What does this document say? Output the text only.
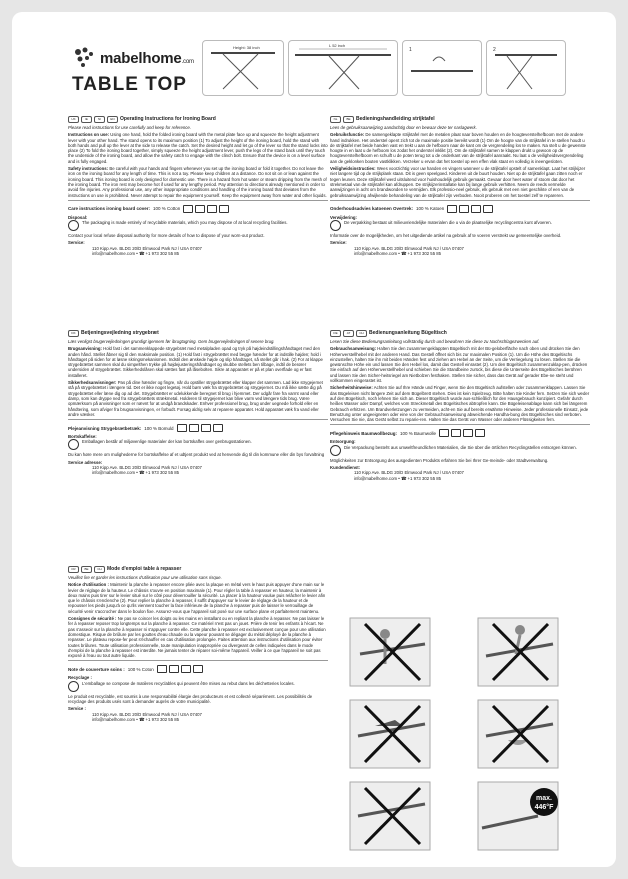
mabelhome.com
TABLE TOP
Height: 38 inch	L 52 inch
1	2
UK	IE	NI	EN	Operating Instructions for Ironing Board
Please read instructions for use carefully and keep for reference.
Instructions on use: Using one hand, hold the folded ironing board with the metal plate face up and squeeze the height adjustment lever with your other hand. The stand opens to its maximum position (1) To adjust the height of the ironing board, hold the stand with both hands and pull up the lever at the side to release the catch. Set the desired height and let go of the lever so that the stand locks into place (2) To fold the ironing board together, simply squeeze the height adjustment lever, push the legs of the stand back until they touch the underside of the ironing board, and allow the safety catch to engage with the clinch bolt. Ensure that the device is on a level surface and is fully engaged.
Safety instructions: Be careful with your hands and fingers whenever you set up the ironing board or fold it together. Do not leave the iron on the ironing board for any length of time. This is not a toy. Please keep children at a distance. Do not sit on or lean against the ironing board. This ironing board is only designed for domestic use. There is a hazard from hot water or steam dripping from the mesh of the ironing board. The iron rest may become hot if used for any lengthy period. Pay attention to directions already mentioned in order to avoid fire injuries. Any professional use, any other inappropriate conditions and handling of the ironing board that deviates from the instructions on use is prohibited. Never attempt to repair the equipment yourself. Keep the equipment away from water and other liquids.
Care instructions ironing board cover: 100 % Cotton
Disposal:
The packaging is made entirely of recyclable materials, which you may dispose of at local recycling facilities.
Contact your local refuse disposal authority for more details of how to dispose of your worn-out product.
Service:
110 Kipp Ave. BLDG 20/D Elmwood Park NJ / USA 07407
info@mabelhome.com • ☎ +1 973 302 55 85
DK	Betjeningsvejledning strygebræt
Læs venligst brugervejledningen grundigt igennem før ibrugtagning. Gem brugervejledningen til senere brug.
Brugsanvisning: Hold fast i det sammenklappede strygebræt med metalpladen opad og tryk på højdeindstillingshåndtaget med den anden hånd. Stellet åbner sig til den maksimale position. (1) Hold fast i strygebrættet med begge hænder for at indstille højden; hold i håndtaget på siden for at løsne skringsmekanismen. Indstil den ønskede højde og slip håndtaget, så stellet går i hak. (2) For at klappe strygebrættet sammen skal du simpelthen trykke på højdejusteringshåndtaget og skubbe stellets ben tilbage, indtil de berører undersiden af strygebrættet. Sikkerhedslåsen skal sættes fast på låsebolten. Sikre at apparatet er på et plan overflade og er fast installeret.
Sikkerhedsanvisninger: Pas på dine hænder og fingre, når du opstiller strygebrættet eller klapper det sammen. Lad ikke strygejernet stå på strygebrættet i længere tid. Det er ikke noget legetøj. Hold børn væk fra strygebrættet og strygejernet. Du må ikke sætte dig på strygebrættet eller læne dig op ad det. Strygebrættet er udelukkende beregnet til brug i hjemmet. Der udgår fare fra varmt vand eller damp, som kan dryppe ned fra strygebrættets strækmetal. Holderen til strygejernet kan blive varm ved længere tids brug. Være opmærksom på anvisninger som er nævnt for at undgå brandskader. Enhver professionel brug, brug under uegnede forhold eller en håndtering, som afviger fra brugsanvisningen, er forbudt. Forsøg aldrig selv at reparere apparatet. Hold apparatet væk fra vand eller andre væsker.
Plejeanvisning Strygebrætbetræk: 100 % Bomuld
Bortskaffelse:
Emballagen består af miljøvenlige materialer der kan bortskaffes over genbrugsstationen.
Du kan høre mere om mulighederne for bortskaffelse af et udtjent produkt ved at henvende dig til din kommune eller din bys forvaltning
Service adresse:
110 Kipp Ave. BLDG 20/D Elmwood Park NJ / USA 07407
info@mabelhome.com • ☎ +1 973 302 55 85
FR	BE	CH	Mode d'emploi table à repasser
Veuillez lire et garder les instructions d'utilisation pour une utilisation sans risque.
Notice d'utilisation : Maintenir la planche à repasser encore pliée avec la plaque en métal vers le haut puis appuyer d'une main sur le levier de réglage de la hauteur. Le châssis s'ouvre en position maximale (1). Pour régler la table à repasser en hauteur, la maintenir à deux mains puis tirer sur le levier situé sur le côté pour déverrouiller la sécurité. La placer à la hauteur voulue puis relâcher le levier afin que le châssis s'enclenche (2). Pour replier la planche à repasser, il suffit d'appuyer sur le levier de réglage de la hauteur et de repousser les pieds jusqu'à ce qu'ils viennent toucher la face inférieure de la planche à repasser puis de laisser le verrouillage de sécurité venir s'accrocher dans le boulon fixe. Assurez-vous que l'appareil soit posé sur une surface plane et parfaitement maintenu.
Consignes de sécurité : Ne pas se coincer les doigts ou les mains en installant ou en repliant la planche à repasser. Ne pas laisser le fer à repasser reposer trop longtemps sur la planche à repasser. Ce matériel n'est pas un jouet. Prière de tenir les enfants à l'écart. Ne pas s'asseoir sur la planche à repasser ni s'appuyer contre elle. Cette planche à repasser est exclusivement conçue pour une utilisation domestique. Risque de brûlure par les gouttes d'eau chaude ou la vapeur pouvant se dégager du métal déployé de la planche à repasser. Le plateau repose-fer peut s'échauffer en cas d'utilisation prolongée. Faites attention aux instructions d'utilisation pour éviter toutes brûlures. Toute utilisation professionnelle, toute manipulation inappropriée ou divergeant de celles indiquées dans le mode d'emploi de la planche à repasser est interdite. Ne jamais tenter de réparer soi-même l'appareil. Veiller à ce que l'appareil ne soit pas exposé à l'eau ou tout autre liquide.
Note de couverture soins : 100 % Coton
Recyclage :
L'emballage se compose de matières recyclables qui peuvent être mises au rebut dans les déchetteries locales.
Le produit est recyclable, est soumis à une responsabilité élargie des producteurs et est collecté séparément. Les possibilités de recyclage des produits usés sont à demander auprès de votre municipalité.
Service :
110 Kipp Ave. BLDG 20/D Elmwood Park NJ / USA 07407
info@mabelhome.com • ☎ +1 973 302 55 85
NL	BE	Bedieningshandleiding strijktafel
Lees de gebruiksaanwijzing aandachtig door en bewaar deze ter naslagwerk.
Gebruiksfunctie: De samengeklapte strijktafel met de metalen plaat naar boven houden en de hoogteverstelhefboom met de andere hand indrukken. Het onderstel opent zich tot de maximale positie bereikt wordt (1) Om de hoogte van de strijktafel in te stellen houdt u de strijktafel met beide handen vast en trekt u aan de hefboom naar de kant om de vergrendeling los te maken. Na stelt u de gewenste hoogte in en laat u de hefboom los zodat het onderstel inklikt (2). Om de strijktafel samen te klappen drukt u gewoon op de hoogteverstelhefboom en schuift u de poten terug tot u de onderkant van de strijktafel aanraakt. Nu laat u de veiligheidsvergrendeling aan de geklonken bouten vastklikken. Verzeker u ervan dat het toestel op een effen vlak staat en volledig is ineengesloten.
Veiligheidsinstructies: Wees voorzichtig voor uw handen en vingers wanneer u de strijktafel opstelt of samenklapt. Laat het strijkijzer niet langere tijd op de strijkplank staan. Dit is geen speelgoed. Kinderen uit de buurt houden. Niet op de strijktafel gaan zitten noch er tegen leunen. Deze strijktafel werd uitsluitend voor huishoudelijk gebruik gemaakt. Gevaar door heet water of stoom dat door het strekmetaal van de strijktafel kan afdruppen. De strijkijzerinstallatie kan bij lange gebruik verhitten. Neem de reeds vermelde aanwijzingen in acht om brandwonden te vermijden. Elk professio-neel gebruik, elk gebruik met een niet geschikte of een van de gebruiksaanwijzing afwijkende behandeling van de strijktafel zijn verboden. Nooit proberen om het toestel zelf te repareren.
Onderhoudsadvies katoenen Overtrek: 100 % Katoen
Verwijdering:
De verpakking bestaat uit milieuvriendelijke materialen die u via de plaatselijke recyclingcentra kunt afvoeren.
Informatie over de mogelijkheden, om het uitgediende artikel na gebruik af te voeren verstrekt uw gemeentelijke overheid.
Service:
110 Kipp Ave. BLDG 20/D Elmwood Park NJ / USA 07407
info@mabelhome.com • ☎ +1 973 302 55 85
DE	AT	CH	Bedienungsanleitung Bügeltisch
Lesen Sie diese Bedienungsanleitung vollständig durch und bewahren Sie diese zu Nachschlagezwecken auf.
Gebrauchsanweisung: Halten Sie den zusammengeklappten Bügeltisch mit der Bü-geloberfläche nach oben und drücken Sie den Höhenverstellhebel mit der anderen Hand. Das Gestell öffnet sich bis zur maximalen Position (1). Um die Höhe des Bügeltischs einzustellen, halten Sie ihn mit beiden Händen fest und ziehen am Hebel an der Seite, um die Verriegelung zu lösen. Stellen Sie die gewünschte Höhe ein und lassen Sie den Hebel los, damit das Gestell einrastet (2). Um den Bügeltisch zusammenzuklap-pen, drücken Sie einfach auf den Höhenverstellhebel und schieben Sie die Standbeine zurück, bis diese die Unterseite des Bügeltisches berühren und lassen Sie den Sicher-heitsriegel am Nietbolzen festhaken. Stellen Sie sicher, dass das Gerät auf gerader Ebe-ne steht und vollkommen eingerastet ist.
Sicherheitshinweise: Achten Sie auf Ihre Hände und Finger, wenn Sie den Bügeltisch aufstellen oder zusammenklappen. Lassen Sie das Bügeleisen nicht längere Zeit auf dem Bügelbrett stehen. Dies ist kein Spielzeug. Bitte halten Sie Kinder fern. Setzen Sie sich weder auf den Bügeltisch, noch lehnen Sie sich an. Dieser Bügeltisch wurde aus-schließlich für den Hausgebrauch konzipiert. Gefahr durch heißes Wasser oder Dampf, welches vom Streckmetall des Bügeltisches abtropfen kann. Die Bügeleisenablage kann sich bei längerem Gebrauch erhitzen. Um Brandverletzungen zu vermeiden, acht-en Sie auf bereits erwähnte Hinweise. Jeder professionelle Einsatz, jede Benutzung unter ungeeigneten oder eine von der Gebrauchsanweisung abweichende Handha-bung des Bügeltisches sind verboten. Versuchen Sie nie, das Gerät selbst zu reparie-ren. Halten Sie das Gerät von Wasser oder anderen Flüssigkeiten fern.
Pflegehinweis Baumwollbezug: 100 % Baumwolle
Entsorgung:
Die Verpackung besteht aus umweltfreundlichen Materialien, die Sie über die örtlichen Recyclingstellen entsorgen können.
Möglichkeiten zur Entsorgung des ausgedienten Produkts erfahren Sie bei Ihrer Ge-meinde- oder Stadtverwaltung.
Kundendienst:
110 Kipp Ave. BLDG 20/D Elmwood Park NJ / USA 07407
info@mabelhome.com • ☎ +1 973 302 55 85
max.
446°F
